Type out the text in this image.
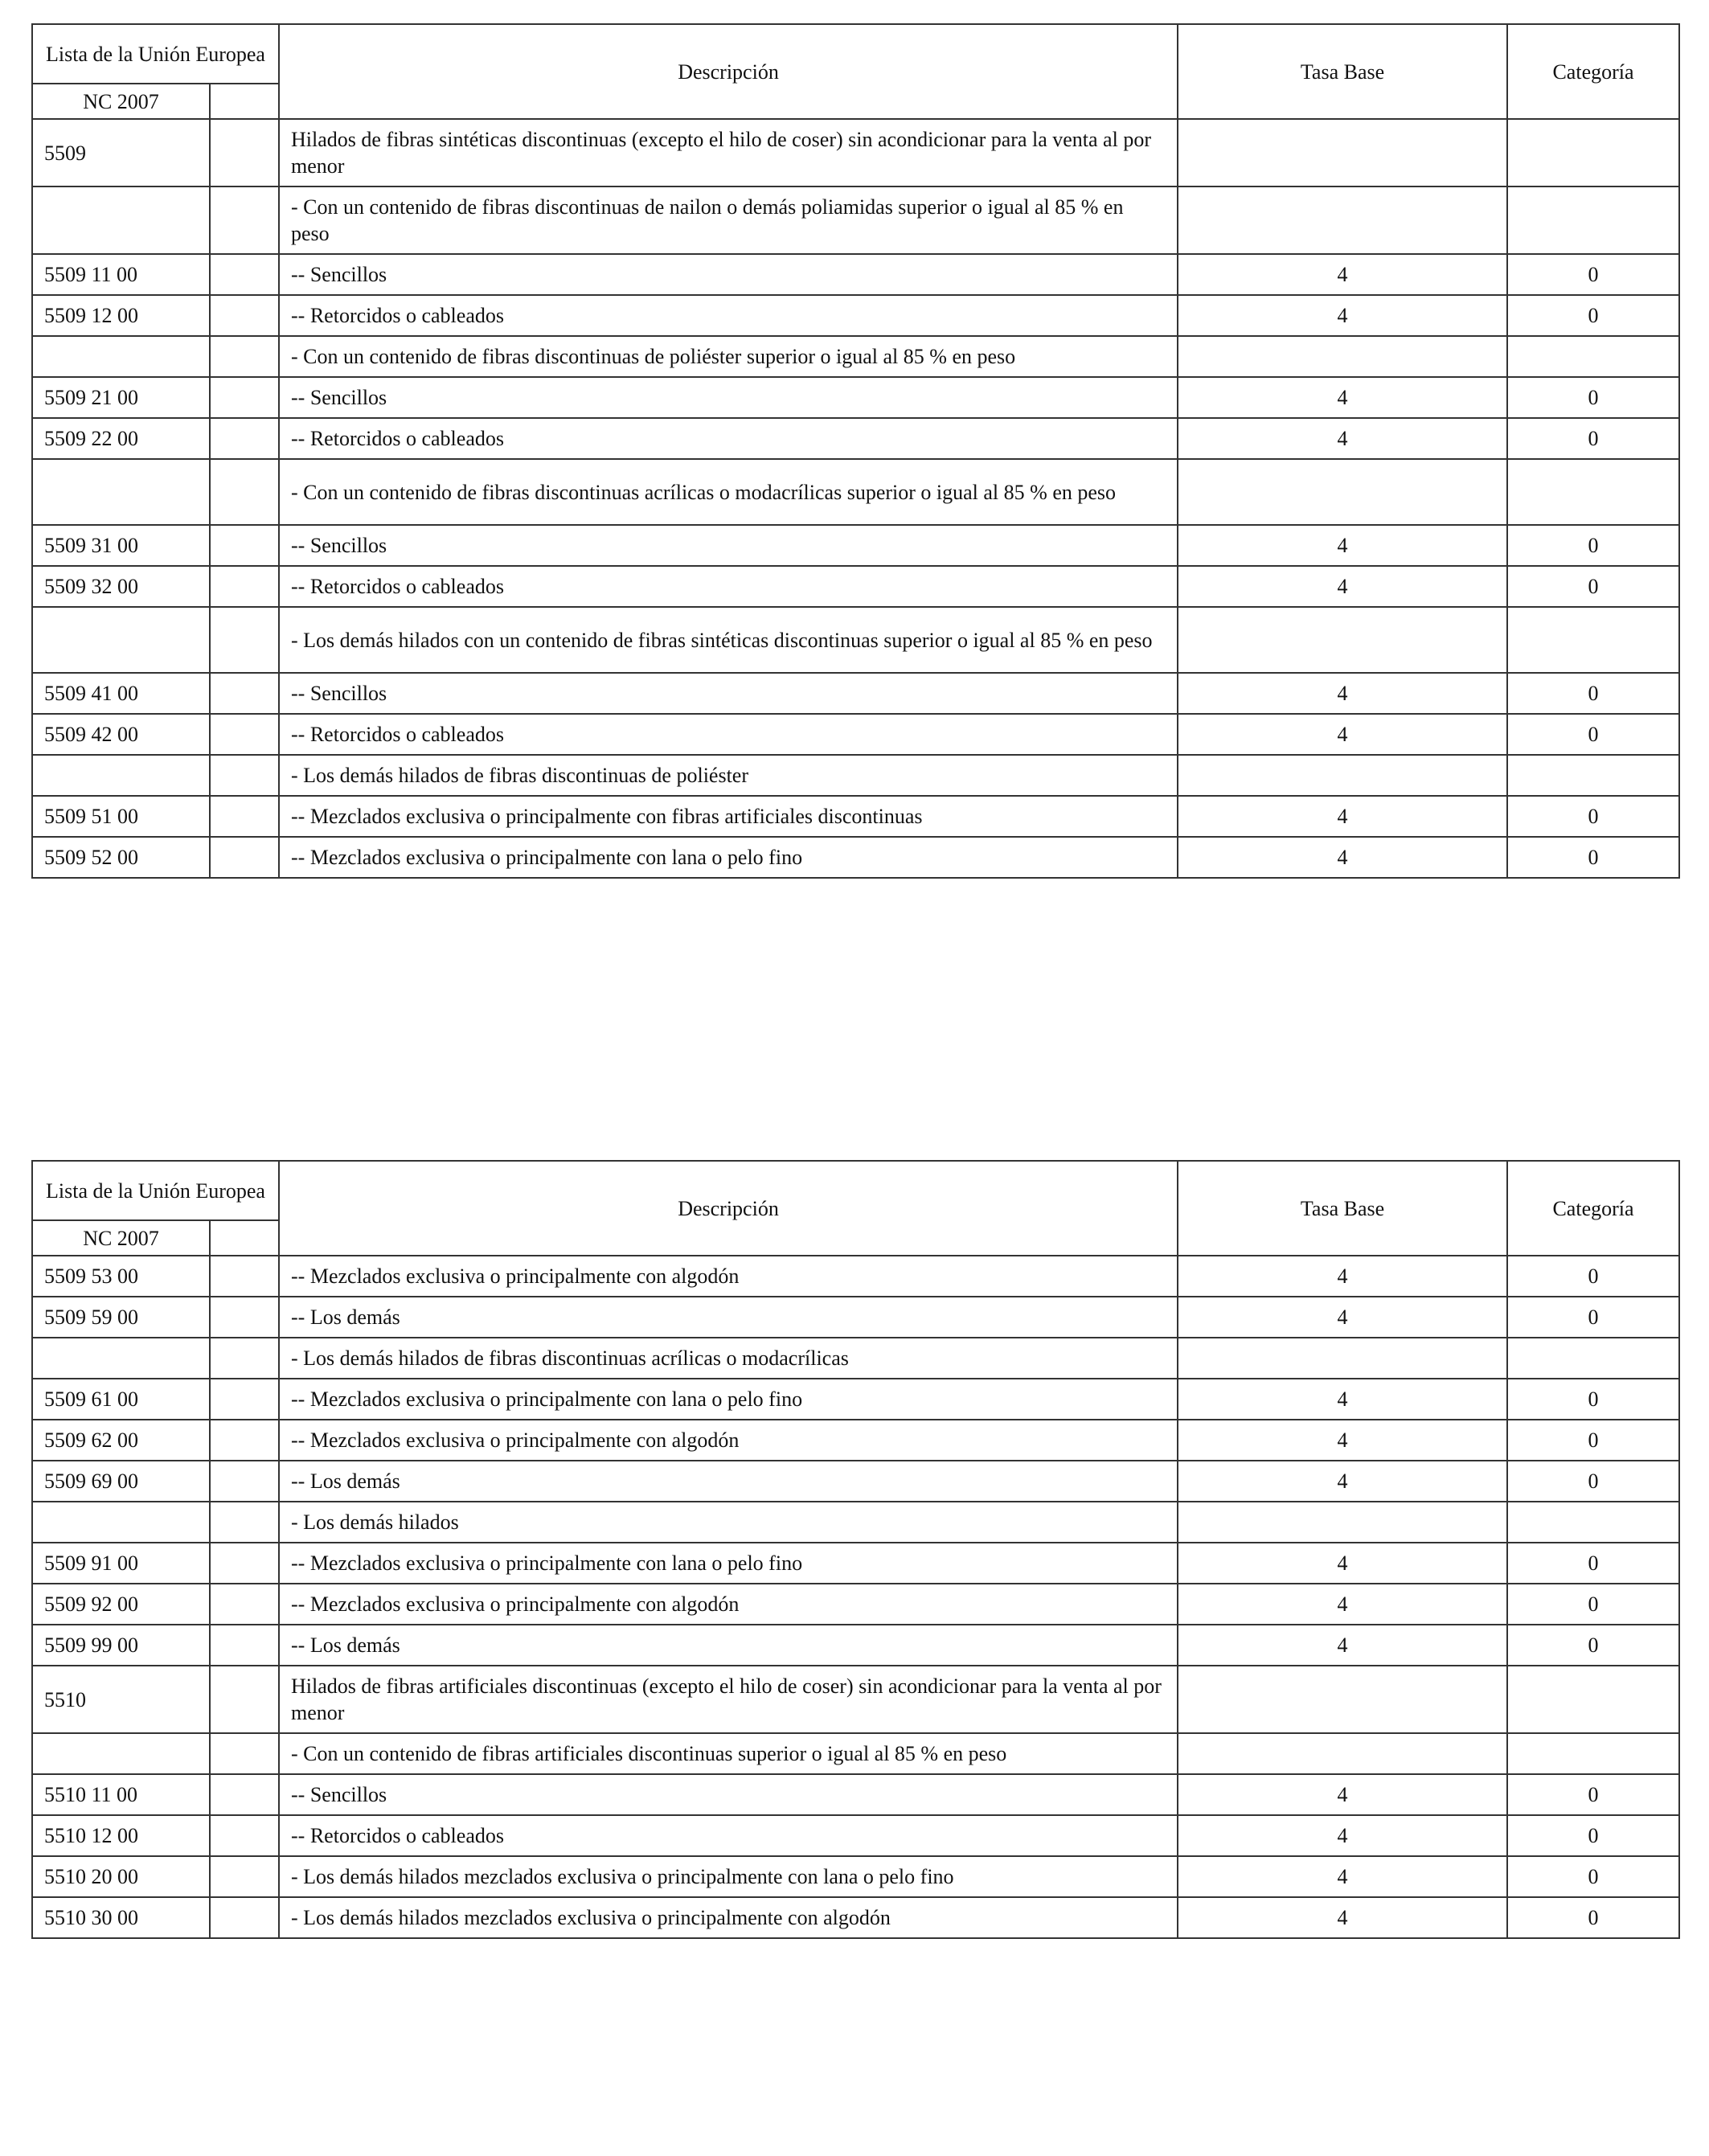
Lista de la Unión Europea		Descripción	Tasa Base	Categoría
NC 2007				
5509		Hilados de fibras sintéticas discontinuas (excepto el hilo de coser) sin acondicionar para la venta al por menor		
		- Con un contenido de fibras discontinuas de nailon o demás poliamidas superior o igual al 85 % en peso		
5509 11 00		-- Sencillos	4	0
5509 12 00		-- Retorcidos o cableados	4	0
		- Con un contenido de fibras discontinuas de poliéster superior o igual al 85 % en peso		
5509 21 00		-- Sencillos	4	0
5509 22 00		-- Retorcidos o cableados	4	0
		- Con un contenido de fibras discontinuas acrílicas o modacrílicas superior o igual al 85 % en peso		
5509 31 00		-- Sencillos	4	0
5509 32 00		-- Retorcidos o cableados	4	0
		- Los demás hilados con un contenido de fibras sintéticas discontinuas superior o igual al 85 % en peso		
5509 41 00		-- Sencillos	4	0
5509 42 00		-- Retorcidos o cableados	4	0
		- Los demás hilados de fibras discontinuas de poliéster		
5509 51 00		-- Mezclados exclusiva o principalmente con fibras artificiales discontinuas	4	0
5509 52 00		-- Mezclados exclusiva o principalmente con lana o pelo fino	4	0
Lista de la Unión Europea		Descripción	Tasa Base	Categoría
NC 2007				
5509 53 00		-- Mezclados exclusiva o principalmente con algodón	4	0
5509 59 00		-- Los demás	4	0
		- Los demás hilados de fibras discontinuas acrílicas o modacrílicas		
5509 61 00		-- Mezclados exclusiva o principalmente con lana o pelo fino	4	0
5509 62 00		-- Mezclados exclusiva o principalmente con algodón	4	0
5509 69 00		-- Los demás	4	0
		- Los demás hilados		
5509 91 00		-- Mezclados exclusiva o principalmente con lana o pelo fino	4	0
5509 92 00		-- Mezclados exclusiva o principalmente con algodón	4	0
5509 99 00		-- Los demás	4	0
5510		Hilados de fibras artificiales discontinuas (excepto el hilo de coser) sin acondicionar para la venta al por menor		
		- Con un contenido de fibras artificiales discontinuas superior o igual al 85 % en peso		
5510 11 00		-- Sencillos	4	0
5510 12 00		-- Retorcidos o cableados	4	0
5510 20 00		- Los demás hilados mezclados exclusiva o principalmente con lana o pelo fino	4	0
5510 30 00		- Los demás hilados mezclados exclusiva o principalmente con algodón	4	0
